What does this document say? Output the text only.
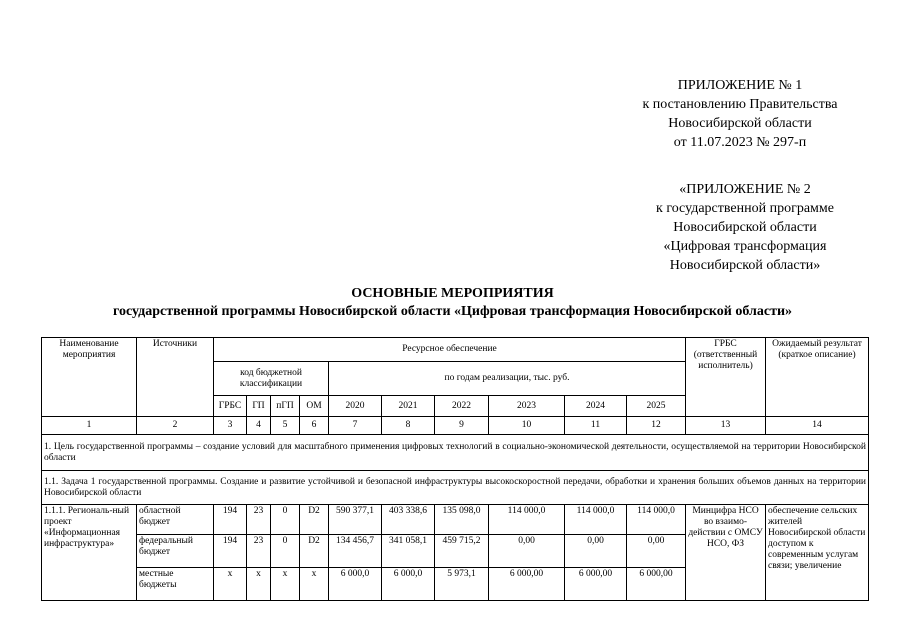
ПРИЛОЖЕНИЕ № 1
к постановлению Правительства
Новосибирской области
от 11.07.2023 № 297-п
«ПРИЛОЖЕНИЕ № 2
к государственной программе
Новосибирской области
«Цифровая трансформация
Новосибирской области»
ОСНОВНЫЕ МЕРОПРИЯТИЯ
государственной программы Новосибирской области «Цифровая трансформация Новосибирской области»
Наименование мероприятия	Источники	Ресурсное обеспечение										ГРБС (ответственный исполнитель)	Ожидаемый результат (краткое описание)
		код бюджетной классификации				по годам реализации, тыс. руб.							
		ГРБС	ГП	пГП	ОМ	2020	2021	2022	2023	2024	2025		
1	2	3	4	5	6	7	8	9	10	11	12	13	14
1. Цель государственной программы – создание условий для масштабного применения цифровых технологий в социально-экономической деятельности, осуществляемой на территории Новосибирской области													
1.1. Задача 1 государственной программы. Создание и развитие устойчивой и безопасной инфраструктуры высокоскоростной передачи, обработки и хранения больших объемов данных на территории Новосибирской области													
1.1.1. Региональ-ный проект «Информационная инфраструктура»	областной бюджет	194	23	0	D2	590 377,1	403 338,6	135 098,0	114 000,0	114 000,0	114 000,0	Минцифра НСО во взаимо-действии с ОМСУ НСО, ФЗ	обеспечение сельских жителей Новосибирской области доступом к современным услугам связи; увеличение
	федеральный бюджет	194	23	0	D2	134 456,7	341 058,1	459 715,2	0,00	0,00	0,00		
	местные бюджеты	x	x	x	x	6 000,0	6 000,0	5 973,1	6 000,00	6 000,00	6 000,00		
